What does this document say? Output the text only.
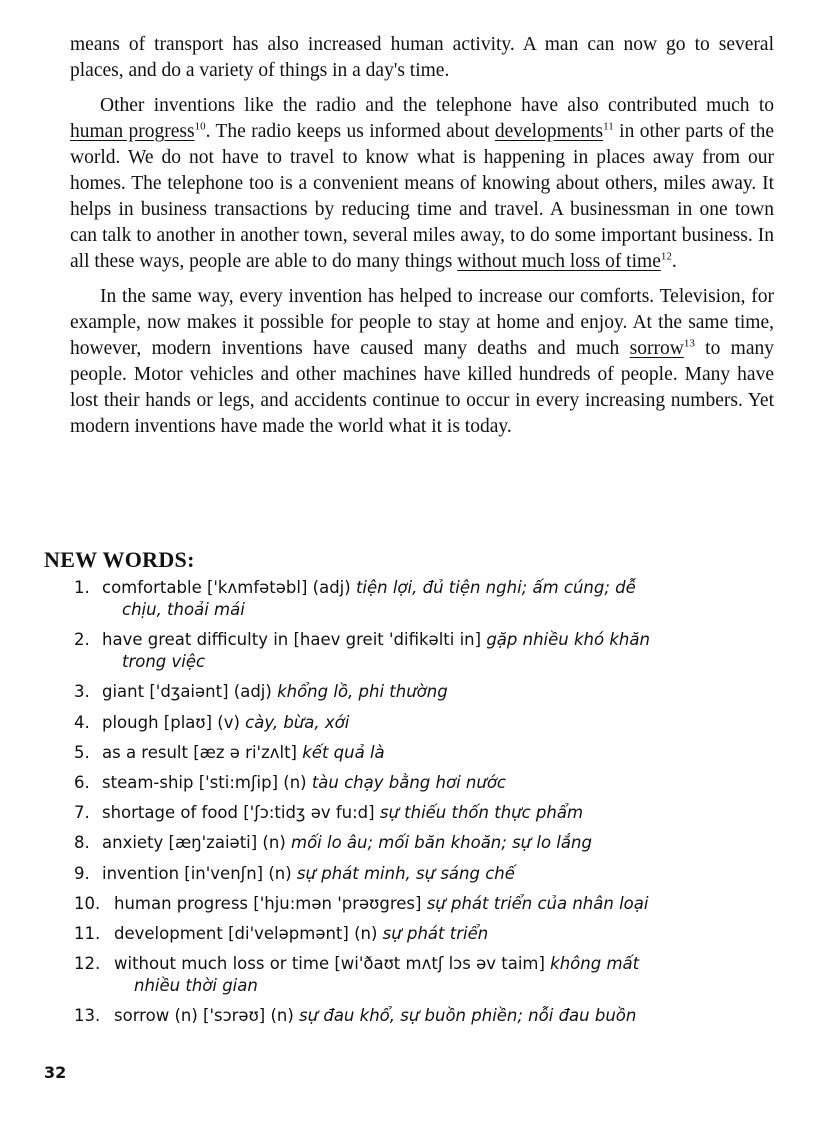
means of transport has also increased human activity. A man can now go to several places, and do a variety of things in a day's time.

Other inventions like the radio and the telephone have also contributed much to human progress$^{10}$. The radio keeps us informed about developments$^{11}$ in other parts of the world. We do not have to travel to know what is happening in places away from our homes. The telephone too is a convenient means of knowing about others, miles away. It helps in business transactions by reducing time and travel. A businessman in one town can talk to another in another town, several miles away, to do some important business. In all these ways, people are able to do many things without much loss of time$^{12}$.

In the same way, every invention has helped to increase our comforts. Television, for example, now makes it possible for people to stay at home and enjoy. At the same time, however, modern inventions have caused many deaths and much sorrow$^{13}$ to many people. Motor vehicles and other machines have killed hundreds of people. Many have lost their hands or legs, and accidents continue to occur in every increasing numbers. Yet modern inventions have made the world what it is today.

NEW WORDS:
1. comfortable ['kʌmfətəbl] (adj) tiện lợi, đủ tiện nghi; ấm cúng; dễ
chịu, thoải mái
2. have great difficulty in [haev greit 'difikəlti in] gặp nhiều khó khăn
trong việc
3. giant ['dʒaiənt] (adj) khổng lồ, phi thường
4. plough [plaʊ] (v) cày, bừa, xới
5. as a result [æz ə ri'zʌlt] kết quả là
6. steam-ship ['sti:mʃip] (n) tàu chạy bằng hơi nước
7. shortage of food ['ʃɔ:tidʒ əv fu:d] sự thiếu thốn thực phẩm
8. anxiety [æŋ'zaiəti] (n) mối lo âu; mối băn khoăn; sự lo lắng
9. invention [in'venʃn] (n) sự phát minh, sự sáng chế
10. human progress ['hju:mən 'prəʊgres] sự phát triển của nhân loại
11. development [di'veləpmənt] (n) sự phát triển
12. without much loss or time [wi'ðaʊt mʌtʃ lɔs əv taim] không mất
nhiều thời gian
13. sorrow (n) ['sɔrəʊ] (n) sự đau khổ, sự buồn phiền; nỗi đau buồn
32
